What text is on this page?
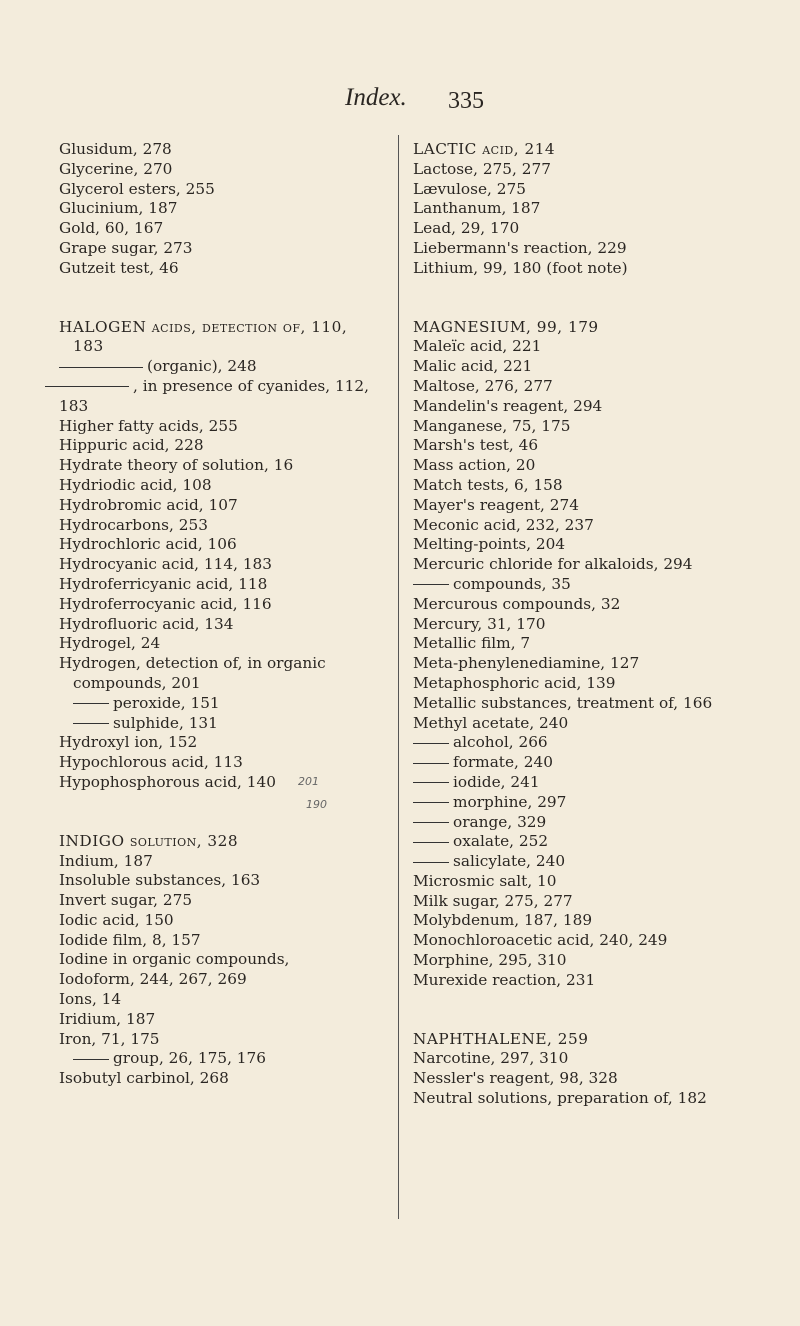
Index. 335
Glusidum, 278
Glycerine, 270
Glycerol esters, 255
Glucinium, 187
Gold, 60, 167
Grape sugar, 273
Gutzeit test, 46
HALOGEN acids, detection of, 110, 183
(organic), 248
, in presence of cyanides, 112, 183
Higher fatty acids, 255
Hippuric acid, 228
Hydrate theory of solution, 16
Hydriodic acid, 108
Hydrobromic acid, 107
Hydrocarbons, 253
Hydrochloric acid, 106
Hydrocyanic acid, 114, 183
Hydroferricyanic acid, 118
Hydroferrocyanic acid, 116
Hydrofluoric acid, 134
Hydrogel, 24
Hydrogen, detection of, in organic compounds, 201
peroxide, 151
sulphide, 131
Hydroxyl ion, 152
Hypochlorous acid, 113
Hypophosphorous acid, 140
INDIGO solution, 328
Indium, 187
Insoluble substances, 163
Invert sugar, 275
Iodic acid, 150
Iodide film, 8, 157
Iodine in organic compounds,
Iodoform, 244, 267, 269
Ions, 14
Iridium, 187
Iron, 71, 175
group, 26, 175, 176
Isobutyl carbinol, 268
201
190
LACTIC acid, 214
Lactose, 275, 277
Lævulose, 275
Lanthanum, 187
Lead, 29, 170
Liebermann's reaction, 229
Lithium, 99, 180 (foot note)
MAGNESIUM, 99, 179
Maleïc acid, 221
Malic acid, 221
Maltose, 276, 277
Mandelin's reagent, 294
Manganese, 75, 175
Marsh's test, 46
Mass action, 20
Match tests, 6, 158
Mayer's reagent, 274
Meconic acid, 232, 237
Melting-points, 204
Mercuric chloride for alkaloids, 294
compounds, 35
Mercurous compounds, 32
Mercury, 31, 170
Metallic film, 7
Meta-phenylenediamine, 127
Metaphosphoric acid, 139
Metallic substances, treatment of, 166
Methyl acetate, 240
alcohol, 266
formate, 240
iodide, 241
morphine, 297
orange, 329
oxalate, 252
salicylate, 240
Microsmic salt, 10
Milk sugar, 275, 277
Molybdenum, 187, 189
Monochloroacetic acid, 240, 249
Morphine, 295, 310
Murexide reaction, 231
NAPHTHALENE, 259
Narcotine, 297, 310
Nessler's reagent, 98, 328
Neutral solutions, preparation of, 182
